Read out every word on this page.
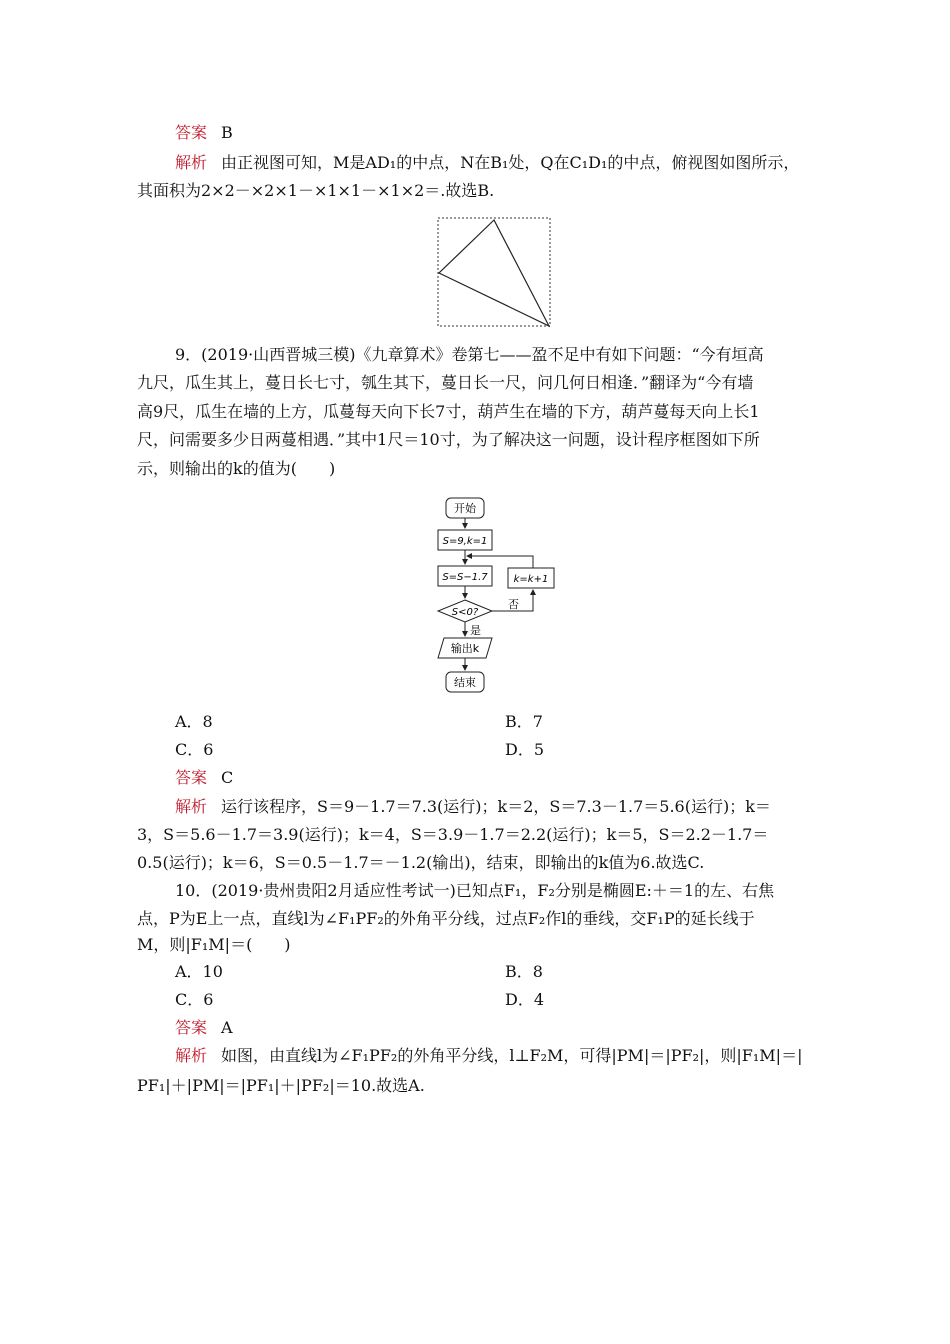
答案 B
解析 由正视图可知，M是AD₁的中点，N在B₁处，Q在C₁D₁的中点，俯视图如图所示，
其面积为2×2－×2×1－×1×1－×1×2＝.故选B.
9．(2019·山西晋城三模)《九章算术》卷第七——盈不足中有如下问题：“今有垣高
九尺，瓜生其上，蔓日长七寸，瓠生其下，蔓日长一尺，问几何日相逢．”翻译为“今有墙
高9尺，瓜生在墙的上方，瓜蔓每天向下长7寸，葫芦生在墙的下方，葫芦蔓每天向上长1
尺，问需要多少日两蔓相遇．”其中1尺＝10寸，为了解决这一问题，设计程序框图如下所
示，则输出的k的值为(　　)
开始
S=9,k=1
S=S−1.7	k=k+1
S<0?
否
是
输出k
结束
A．8	B．7
C．6	D．5
答案 C
解析 运行该程序，S＝9－1.7＝7.3(运行)；k＝2，S＝7.3－1.7＝5.6(运行)；k＝
3，S＝5.6－1.7＝3.9(运行)；k＝4，S＝3.9－1.7＝2.2(运行)；k＝5，S＝2.2－1.7＝
0.5(运行)；k＝6，S＝0.5－1.7＝－1.2(输出)，结束，即输出的k值为6.故选C.
10．(2019·贵州贵阳2月适应性考试一)已知点F₁，F₂分别是椭圆E:＋＝1的左、右焦
点，P为E上一点，直线l为∠F₁PF₂的外角平分线，过点F₂作l的垂线，交F₁P的延长线于
M，则|F₁M|＝(　　)
A．10	B．8
C．6	D．4
答案 A
解析 如图，由直线l为∠F₁PF₂的外角平分线，l⊥F₂M，可得|PM|＝|PF₂|，则|F₁M|＝|
PF₁|＋|PM|＝|PF₁|＋|PF₂|＝10.故选A.
